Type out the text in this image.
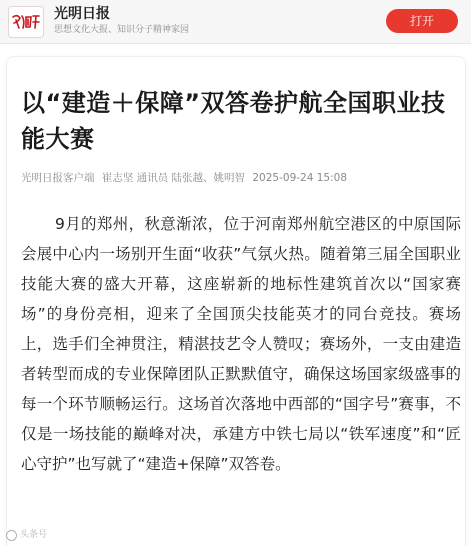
光明日报
思想文化大报、知识分子精神家园
打开
以“建造＋保障”双答卷护航全国职业技能大赛
光明日报客户端 崔志坚 通讯员 陆张越、姚明智 2025-09-24 15:08

9月的郑州，秋意渐浓，位于河南郑州航空港区的中原国际会展中心内一场别开生面“收获”气氛火热。随着第三届全国职业技能大赛的盛大开幕，这座崭新的地标性建筑首次以“国家赛场”的身份亮相，迎来了全国顶尖技能英才的同台竞技。赛场上，选手们全神贯注，精湛技艺令人赞叹；赛场外，一支由建造者转型而成的专业保障团队正默默值守，确保这场国家级盛事的每一个环节顺畅运行。这场首次落地中西部的“国字号”赛事，不仅是一场技能的巅峰对决，承建方中铁七局以“铁军速度”和“匠心守护”也写就了“建造+保障”双答卷。

头条号
